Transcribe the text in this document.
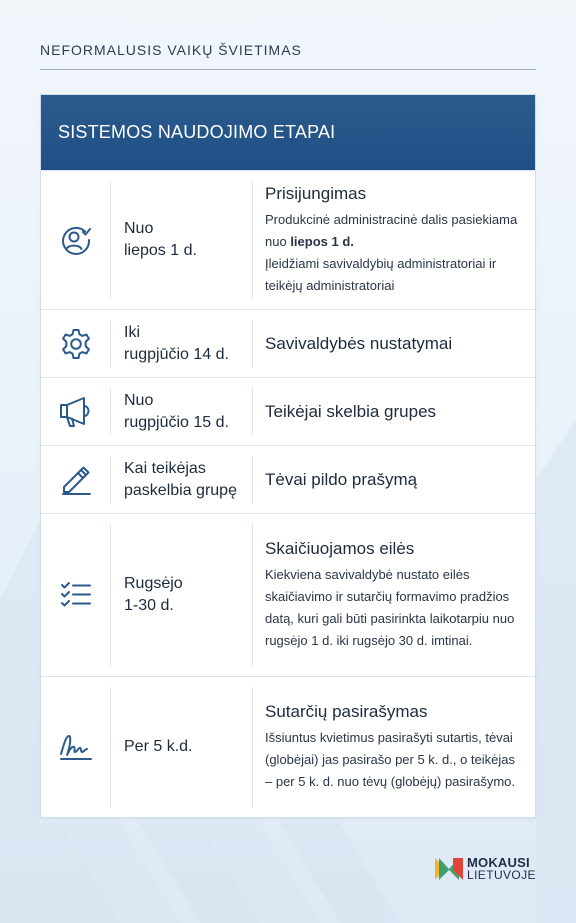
NEFORMALUSIS VAIKŲ ŠVIETIMAS
SISTEMOS NAUDOJIMO ETAPAI
Nuo
liepos 1 d.
Prisijungimas
Produkcinė administracinė dalis pasiekiama nuo liepos 1 d.
Įleidžiami savivaldybių administratoriai ir teikėjų administratoriai
Iki
rugpjūčio 14 d.
Savivaldybės nustatymai
Nuo
rugpjūčio 15 d.
Teikėjai skelbia grupes
Kai teikėjas
paskelbia grupę
Tėvai pildo prašymą
Rugsėjo
1-30 d.
Skaičiuojamos eilės
Kiekviena savivaldybė nustato eilės skaičiavimo ir sutarčių formavimo pradžios datą, kuri gali būti pasirinkta laikotarpiu nuo rugsėjo 1 d. iki rugsėjo 30 d. imtinai.
Per 5 k.d.
Sutarčių pasirašymas
Išsiuntus kvietimus pasirašyti sutartis, tėvai (globėjai) jas pasirašo per 5 k. d., o teikėjas – per 5 k. d. nuo tėvų (globėjų) pasirašymo.
MOKAUSI
LIETUVOJE
